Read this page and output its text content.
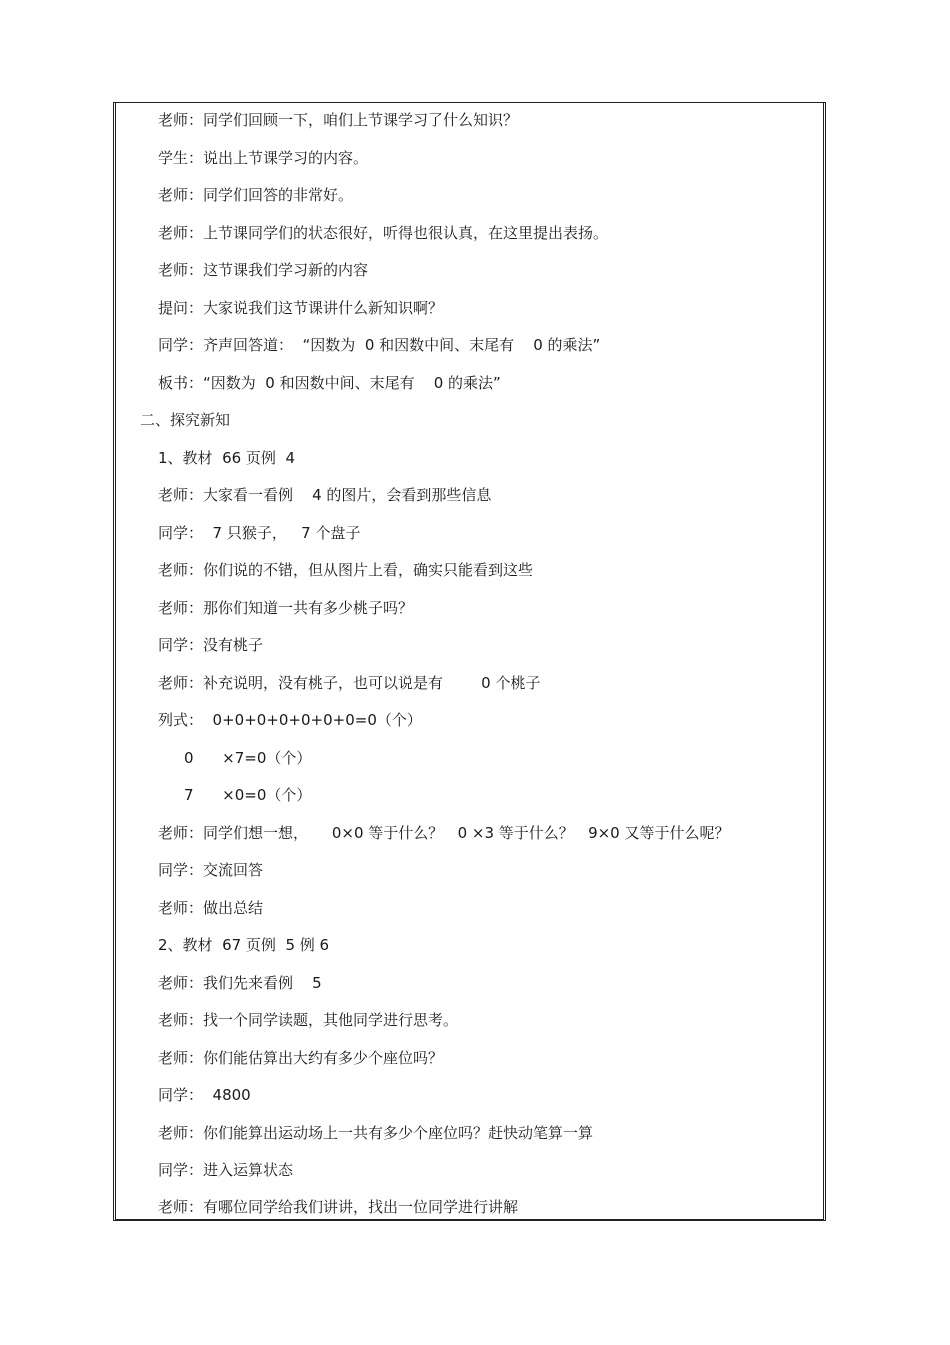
老师：同学们回顾一下，咱们上节课学习了什么知识？
学生：说出上节课学习的内容。
老师：同学们回答的非常好。
老师：上节课同学们的状态很好，听得也很认真，在这里提出表扬。
老师：这节课我们学习新的内容
提问：大家说我们这节课讲什么新知识啊？
同学：齐声回答道：  “因数为  0 和因数中间、末尾有    0 的乘法”
板书：“因数为  0 和因数中间、末尾有    0 的乘法”
二、探究新知
1、教材  66 页例  4
老师：大家看一看例    4 的图片，会看到那些信息
同学：  7 只猴子，   7 个盘子
老师：你们说的不错，但从图片上看，确实只能看到这些
老师：那你们知道一共有多少桃子吗？
同学：没有桃子
老师：补充说明，没有桃子，也可以说是有        0 个桃子
列式：  0+0+0+0+0+0+0=0（个）
0      ×7=0（个）
7      ×0=0（个）
老师：同学们想一想，     0×0 等于什么？   0 ×3 等于什么？   9×0 又等于什么呢？
同学：交流回答
老师：做出总结
2、教材  67 页例  5 例 6
老师：我们先来看例    5
老师：找一个同学读题，其他同学进行思考。
老师：你们能估算出大约有多少个座位吗？
同学：  4800
老师：你们能算出运动场上一共有多少个座位吗？赶快动笔算一算
同学：进入运算状态
老师：有哪位同学给我们讲讲，找出一位同学进行讲解
